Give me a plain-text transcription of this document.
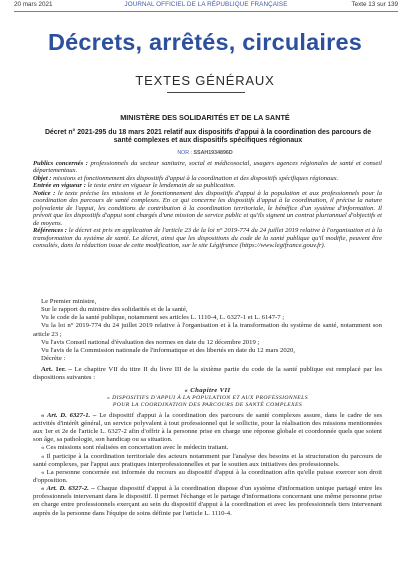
20 mars 2021	JOURNAL OFFICIEL DE LA RÉPUBLIQUE FRANÇAISE	Texte 13 sur 139
Décrets, arrêtés, circulaires
TEXTES GÉNÉRAUX
MINISTÈRE DES SOLIDARITÉS ET DE LA SANTÉ
Décret n° 2021-295 du 18 mars 2021 relatif aux dispositifs d'appui à la coordination des parcours de santé complexes et aux dispositifs spécifiques régionaux
NOR : SSAH1934896D

Publics concernés : professionnels du secteur sanitaire, social et médicosocial, usagers agences régionales de santé et conseil départementaux.

Objet : missions et fonctionnement des dispositifs d'appui à la coordination et des dispositifs spécifiques régionaux.

Entrée en vigueur : le texte entre en vigueur le lendemain de sa publication.

Notice : le texte précise les missions et le fonctionnement des dispositifs d'appui à la population et aux professionnels pour la coordination des parcours de santé complexes. En ce qui concerne les dispositifs d'appui à la coordination, il précise la nature polyvalente de l'appui, les conditions de contribution à la coordination territoriale, le bénéfice d'un système d'information. Il prévoit que les dispositifs d'appui sont chargés d'une mission de service public et qu'ils signent un contrat pluriannuel d'objectifs et de moyens.

Références : le décret est pris en application de l'article 23 de la loi n° 2019-774 du 24 juillet 2019 relative à l'organisation et à la transformation du système de santé. Le décret, ainsi que les dispositions du code de la santé publique qu'il modifie, peuvent être consultés, dans la rédaction issue de cette modification, sur le site Légifrance (https://www.legifrance.gouv.fr).

Le Premier ministre,

Sur le rapport du ministre des solidarités et de la santé,

Vu le code de la santé publique, notamment ses articles L. 1110-4, L. 6327-1 et L. 6147-7 ;

Vu la loi n° 2019-774 du 24 juillet 2019 relative à l'organisation et à la transformation du système de santé, notamment son article 23 ;

Vu l'avis Conseil national d'évaluation des normes en date du 12 décembre 2019 ;

Vu l'avis de la Commission nationale de l'informatique et des libertés en date du 12 mars 2020,

Décrète :

Art. 1er. – Le chapitre VII du titre II du livre III de la sixième partie du code de la santé publique est remplacé par les dispositions suivantes :

« Chapitre VII

« DISPOSITIFS D'APPUI À LA POPULATION ET AUX PROFESSIONNELS

POUR LA COORDINATION DES PARCOURS DE SANTÉ COMPLEXES

« Art. D. 6327-1. – Le dispositif d'appui à la coordination des parcours de santé complexes assure, dans le cadre de ses activités d'intérêt général, un service polyvalent à tout professionnel qui le sollicite, pour la réalisation des missions mentionnées aux 1er et 2e de l'article L. 6327-2 afin d'offrir à la personne prise en charge une réponse globale et coordonnée quels que soient son âge, sa pathologie, son handicap ou sa situation.

« Ces missions sont réalisées en concertation avec le médecin traitant.

« Il participe à la coordination territoriale des acteurs notamment par l'analyse des besoins et la structuration du parcours de santé complexes, par l'appui aux pratiques interprofessionnelles et par le soutien aux initiatives des professionnels.

« La personne concernée est informée du recours au dispositif d'appui à la coordination afin qu'elle puisse exercer son droit d'opposition.

« Art. D. 6327-2. – Chaque dispositif d'appui à la coordination dispose d'un système d'information unique partagé entre les professionnels intervenant dans le dispositif. Il permet l'échange et le partage d'informations concernant une même personne prise en charge entre professionnels exerçant au sein du dispositif d'appui à la coordination et avec les professionnels tiers intervenant auprès de la personne dans l'équipe de soins définie par l'article L. 1110-4.
